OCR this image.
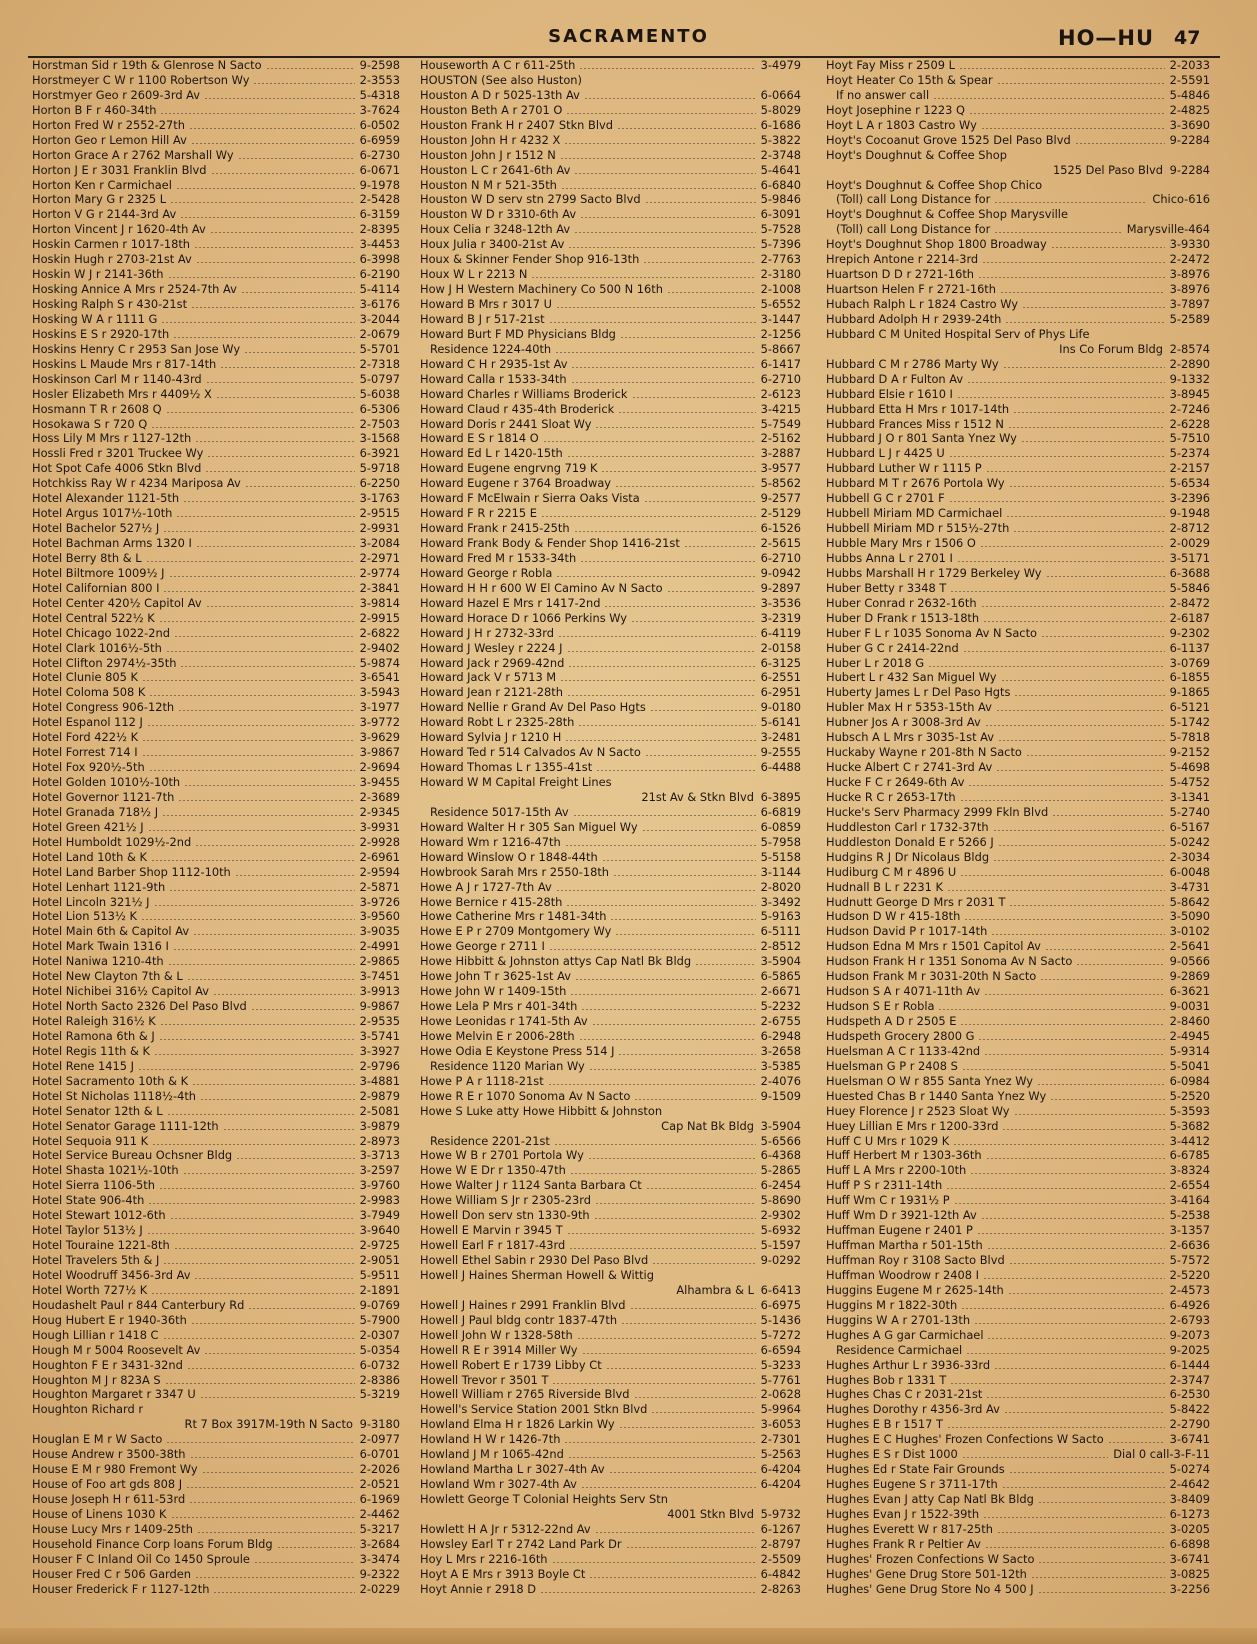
SACRAMENTO	HO—HU 47
Horstman Sid r 19th & Glenrose N Sacto	9-2598
Horstmeyer C W r 1100 Robertson Wy	2-3553
Horstmyer Geo r 2609-3rd Av	5-4318
Horton B F r 460-34th	3-7624
Horton Fred W r 2552-27th	6-0502
Horton Geo r Lemon Hill Av	6-6959
Horton Grace A r 2762 Marshall Wy	6-2730
Horton J E r 3031 Franklin Blvd	6-0671
Horton Ken r Carmichael	9-1978
Horton Mary G r 2325 L	2-5428
Horton V G r 2144-3rd Av	6-3159
Horton Vincent J r 1620-4th Av	2-8395
Hoskin Carmen r 1017-18th	3-4453
Hoskin Hugh r 2703-21st Av	6-3998
Hoskin W J r 2141-36th	6-2190
Hosking Annice A Mrs r 2524-7th Av	5-4114
Hosking Ralph S r 430-21st	3-6176
Hosking W A r 1111 G	3-2044
Hoskins E S r 2920-17th	2-0679
Hoskins Henry C r 2953 San Jose Wy	5-5701
Hoskins L Maude Mrs r 817-14th	2-7318
Hoskinson Carl M r 1140-43rd	5-0797
Hosler Elizabeth Mrs r 4409½ X	5-6038
Hosmann T R r 2608 Q	6-5306
Hosokawa S r 720 Q	2-7503
Hoss Lily M Mrs r 1127-12th	3-1568
Hossli Fred r 3201 Truckee Wy	6-3921
Hot Spot Cafe 4006 Stkn Blvd	5-9718
Hotchkiss Ray W r 4234 Mariposa Av	6-2250
Hotel Alexander 1121-5th	3-1763
Hotel Argus 1017½-10th	2-9515
Hotel Bachelor 527½ J	2-9931
Hotel Bachman Arms 1320 I	3-2084
Hotel Berry 8th & L	2-2971
Hotel Biltmore 1009½ J	2-9774
Hotel Californian 800 I	2-3841
Hotel Center 420½ Capitol Av	3-9814
Hotel Central 522½ K	2-9915
Hotel Chicago 1022-2nd	2-6822
Hotel Clark 1016½-5th	2-9402
Hotel Clifton 2974½-35th	5-9874
Hotel Clunie 805 K	3-6541
Hotel Coloma 508 K	3-5943
Hotel Congress 906-12th	3-1977
Hotel Espanol 112 J	3-9772
Hotel Ford 422½ K	3-9629
Hotel Forrest 714 I	3-9867
Hotel Fox 920½-5th	2-9694
Hotel Golden 1010½-10th	3-9455
Hotel Governor 1121-7th	2-3689
Hotel Granada 718½ J	2-9345
Hotel Green 421½ J	3-9931
Hotel Humboldt 1029½-2nd	2-9928
Hotel Land 10th & K	2-6961
Hotel Land Barber Shop 1112-10th	2-9594
Hotel Lenhart 1121-9th	2-5871
Hotel Lincoln 321½ J	3-9726
Hotel Lion 513½ K	3-9560
Hotel Main 6th & Capitol Av	3-9035
Hotel Mark Twain 1316 I	2-4991
Hotel Naniwa 1210-4th	2-9865
Hotel New Clayton 7th & L	3-7451
Hotel Nichibei 316½ Capitol Av	3-9913
Hotel North Sacto 2326 Del Paso Blvd	9-9867
Hotel Raleigh 316½ K	2-9535
Hotel Ramona 6th & J	3-5741
Hotel Regis 11th & K	3-3927
Hotel Rene 1415 J	2-9796
Hotel Sacramento 10th & K	3-4881
Hotel St Nicholas 1118½-4th	2-9879
Hotel Senator 12th & L	2-5081
Hotel Senator Garage 1111-12th	3-9879
Hotel Sequoia 911 K	2-8973
Hotel Service Bureau Ochsner Bldg	3-3713
Hotel Shasta 1021½-10th	3-2597
Hotel Sierra 1106-5th	3-9760
Hotel State 906-4th	2-9983
Hotel Stewart 1012-6th	3-7949
Hotel Taylor 513½ J	3-9640
Hotel Touraine 1221-8th	2-9725
Hotel Travelers 5th & J	2-9051
Hotel Woodruff 3456-3rd Av	5-9511
Hotel Worth 727½ K	2-1891
Houdashelt Paul r 844 Canterbury Rd	9-0769
Houg Hubert E r 1940-36th	5-7900
Hough Lillian r 1418 C	2-0307
Hough M r 5004 Roosevelt Av	5-0354
Houghton F E r 3431-32nd	6-0732
Houghton M J r 823A S	2-8386
Houghton Margaret r 3347 U	5-3219
Houghton Richard r
Rt 7 Box 3917M-19th N Sacto 9-3180
Houglan E M r W Sacto	2-0977
House Andrew r 3500-38th	6-0701
House E M r 980 Fremont Wy	2-2026
House of Foo art gds 808 J	2-0521
House Joseph H r 611-53rd	6-1969
House of Linens 1030 K	2-4462
House Lucy Mrs r 1409-25th	5-3217
Household Finance Corp loans Forum Bldg	3-2684
Houser F C Inland Oil Co 1450 Sproule	3-3474
Houser Fred C r 506 Garden	9-2322
Houser Frederick F r 1127-12th	2-0229
Houseworth A C r 611-25th	3-4979
HOUSTON (See also Huston)
Houston A D r 5025-13th Av	6-0664
Houston Beth A r 2701 O	5-8029
Houston Frank H r 2407 Stkn Blvd	6-1686
Houston John H r 4232 X	5-3822
Houston John J r 1512 N	2-3748
Houston L C r 2641-6th Av	5-4641
Houston N M r 521-35th	6-6840
Houston W D serv stn 2799 Sacto Blvd	5-9846
Houston W D r 3310-6th Av	6-3091
Houx Celia r 3248-12th Av	5-7528
Houx Julia r 3400-21st Av	5-7396
Houx & Skinner Fender Shop 916-13th	2-7763
Houx W L r 2213 N	2-3180
How J H Western Machinery Co 500 N 16th	2-1008
Howard B Mrs r 3017 U	5-6552
Howard B J r 517-21st	3-1447
Howard Burt F MD Physicians Bldg	2-1256
Residence 1224-40th	5-8667
Howard C H r 2935-1st Av	6-1417
Howard Calla r 1533-34th	6-2710
Howard Charles r Williams Broderick	2-6123
Howard Claud r 435-4th Broderick	3-4215
Howard Doris r 2441 Sloat Wy	5-7549
Howard E S r 1814 O	2-5162
Howard Ed L r 1420-15th	3-2887
Howard Eugene engrvng 719 K	3-9577
Howard Eugene r 3764 Broadway	5-8562
Howard F McElwain r Sierra Oaks Vista	9-2577
Howard F R r 2215 E	2-5129
Howard Frank r 2415-25th	6-1526
Howard Frank Body & Fender Shop 1416-21st	2-5615
Howard Fred M r 1533-34th	6-2710
Howard George r Robla	9-0942
Howard H H r 600 W El Camino Av N Sacto	9-2897
Howard Hazel E Mrs r 1417-2nd	3-3536
Howard Horace D r 1066 Perkins Wy	3-2319
Howard J H r 2732-33rd	6-4119
Howard J Wesley r 2224 J	2-0158
Howard Jack r 2969-42nd	6-3125
Howard Jack V r 5713 M	6-2551
Howard Jean r 2121-28th	6-2951
Howard Nellie r Grand Av Del Paso Hgts	9-0180
Howard Robt L r 2325-28th	5-6141
Howard Sylvia J r 1210 H	3-2481
Howard Ted r 514 Calvados Av N Sacto	9-2555
Howard Thomas L r 1355-41st	6-4488
Howard W M Capital Freight Lines
21st Av & Stkn Blvd 6-3895
Residence 5017-15th Av	6-6819
Howard Walter H r 305 San Miguel Wy	6-0859
Howard Wm r 1216-47th	5-7958
Howard Winslow O r 1848-44th	5-5158
Howbrook Sarah Mrs r 2550-18th	3-1144
Howe A J r 1727-7th Av	2-8020
Howe Bernice r 415-28th	3-3492
Howe Catherine Mrs r 1481-34th	5-9163
Howe E P r 2709 Montgomery Wy	6-5111
Howe George r 2711 I	2-8512
Howe Hibbitt & Johnston attys Cap Natl Bk Bldg	3-5904
Howe John T r 3625-1st Av	6-5865
Howe John W r 1409-15th	2-6671
Howe Lela P Mrs r 401-34th	5-2232
Howe Leonidas r 1741-5th Av	2-6755
Howe Melvin E r 2006-28th	6-2948
Howe Odia E Keystone Press 514 J	3-2658
Residence 1120 Marian Wy	3-5385
Howe P A r 1118-21st	2-4076
Howe R E r 1070 Sonoma Av N Sacto	9-1509
Howe S Luke atty Howe Hibbitt & Johnston
Cap Nat Bk Bldg 3-5904
Residence 2201-21st	5-6566
Howe W B r 2701 Portola Wy	6-4368
Howe W E Dr r 1350-47th	5-2865
Howe Walter J r 1124 Santa Barbara Ct	6-2454
Howe William S Jr r 2305-23rd	5-8690
Howell Don serv stn 1330-9th	2-9302
Howell E Marvin r 3945 T	5-6932
Howell Earl F r 1817-43rd	5-1597
Howell Ethel Sabin r 2930 Del Paso Blvd	9-0292
Howell J Haines Sherman Howell & Wittig
Alhambra & L 6-6413
Howell J Haines r 2991 Franklin Blvd	6-6975
Howell J Paul bldg contr 1837-47th	5-1436
Howell John W r 1328-58th	5-7272
Howell R E r 3914 Miller Wy	6-6594
Howell Robert E r 1739 Libby Ct	5-3233
Howell Trevor r 3501 T	5-7761
Howell William r 2765 Riverside Blvd	2-0628
Howell's Service Station 2001 Stkn Blvd	5-9964
Howland Elma H r 1826 Larkin Wy	3-6053
Howland H W r 1426-7th	2-7301
Howland J M r 1065-42nd	5-2563
Howland Martha L r 3027-4th Av	6-4204
Howland Wm r 3027-4th Av	6-4204
Howlett George T Colonial Heights Serv Stn
4001 Stkn Blvd 5-9732
Howlett H A Jr r 5312-22nd Av	6-1267
Howsley Earl T r 2742 Land Park Dr	2-8797
Hoy L Mrs r 2216-16th	2-5509
Hoyt A E Mrs r 3913 Boyle Ct	6-4842
Hoyt Annie r 2918 D	2-8263
Hoyt Fay Miss r 2509 L	2-2033
Hoyt Heater Co 15th & Spear	2-5591
If no answer call	5-4846
Hoyt Josephine r 1223 Q	2-4825
Hoyt L A r 1803 Castro Wy	3-3690
Hoyt's Cocoanut Grove 1525 Del Paso Blvd	9-2284
Hoyt's Doughnut & Coffee Shop
1525 Del Paso Blvd 9-2284
Hoyt's Doughnut & Coffee Shop Chico
(Toll) call Long Distance for	Chico-616
Hoyt's Doughnut & Coffee Shop Marysville
(Toll) call Long Distance for	Marysville-464
Hoyt's Doughnut Shop 1800 Broadway	3-9330
Hrepich Antone r 2214-3rd	2-2472
Huartson D D r 2721-16th	3-8976
Huartson Helen F r 2721-16th	3-8976
Hubach Ralph L r 1824 Castro Wy	3-7897
Hubbard Adolph H r 2939-24th	5-2589
Hubbard C M United Hospital Serv of Phys Life
Ins Co Forum Bldg 2-8574
Hubbard C M r 2786 Marty Wy	2-2890
Hubbard D A r Fulton Av	9-1332
Hubbard Elsie r 1610 I	3-8945
Hubbard Etta H Mrs r 1017-14th	2-7246
Hubbard Frances Miss r 1512 N	2-6228
Hubbard J O r 801 Santa Ynez Wy	5-7510
Hubbard L J r 4425 U	5-2374
Hubbard Luther W r 1115 P	2-2157
Hubbard M T r 2676 Portola Wy	5-6534
Hubbell G C r 2701 F	3-2396
Hubbell Miriam MD Carmichael	9-1948
Hubbell Miriam MD r 515½-27th	2-8712
Hubble Mary Mrs r 1506 O	2-0029
Hubbs Anna L r 2701 I	3-5171
Hubbs Marshall H r 1729 Berkeley Wy	6-3688
Huber Betty r 3348 T	5-5846
Huber Conrad r 2632-16th	2-8472
Huber D Frank r 1513-18th	2-6187
Huber F L r 1035 Sonoma Av N Sacto	9-2302
Huber G C r 2414-22nd	6-1137
Huber L r 2018 G	3-0769
Hubert L r 432 San Miguel Wy	6-1855
Huberty James L r Del Paso Hgts	9-1865
Hubler Max H r 5353-15th Av	6-5121
Hubner Jos A r 3008-3rd Av	5-1742
Hubsch A L Mrs r 3035-1st Av	5-7818
Huckaby Wayne r 201-8th N Sacto	9-2152
Hucke Albert C r 2741-3rd Av	5-4698
Hucke F C r 2649-6th Av	5-4752
Hucke R C r 2653-17th	3-1341
Hucke's Serv Pharmacy 2999 Fkln Blvd	5-2740
Huddleston Carl r 1732-37th	6-5167
Huddleston Donald E r 5266 J	5-0242
Hudgins R J Dr Nicolaus Bldg	2-3034
Hudiburg C M r 4896 U	6-0048
Hudnall B L r 2231 K	3-4731
Hudnutt George D Mrs r 2031 T	5-8642
Hudson D W r 415-18th	3-5090
Hudson David P r 1017-14th	3-0102
Hudson Edna M Mrs r 1501 Capitol Av	2-5641
Hudson Frank H r 1351 Sonoma Av N Sacto	9-0566
Hudson Frank M r 3031-20th N Sacto	9-2869
Hudson S A r 4071-11th Av	6-3621
Hudson S E r Robla	9-0031
Hudspeth A D r 2505 E	2-8460
Hudspeth Grocery 2800 G	2-4945
Huelsman A C r 1133-42nd	5-9314
Huelsman G P r 2408 S	5-5041
Huelsman O W r 855 Santa Ynez Wy	6-0984
Huested Chas B r 1440 Santa Ynez Wy	5-2520
Huey Florence J r 2523 Sloat Wy	5-3593
Huey Lillian E Mrs r 1200-33rd	5-3682
Huff C U Mrs r 1029 K	3-4412
Huff Herbert M r 1303-36th	6-6785
Huff L A Mrs r 2200-10th	3-8324
Huff P S r 2311-14th	2-6554
Huff Wm C r 1931½ P	3-4164
Huff Wm D r 3921-12th Av	5-2538
Huffman Eugene r 2401 P	3-1357
Huffman Martha r 501-15th	2-6636
Huffman Roy r 3108 Sacto Blvd	5-7572
Huffman Woodrow r 2408 I	2-5220
Huggins Eugene M r 2625-14th	2-4573
Huggins M r 1822-30th	6-4926
Huggins W A r 2701-13th	2-6793
Hughes A G gar Carmichael	9-2073
Residence Carmichael	9-2025
Hughes Arthur L r 3936-33rd	6-1444
Hughes Bob r 1331 T	2-3747
Hughes Chas C r 2031-21st	6-2530
Hughes Dorothy r 4356-3rd Av	5-8422
Hughes E B r 1517 T	2-2790
Hughes E C Hughes' Frozen Confections W Sacto	3-6741
Hughes E S r Dist 1000	Dial 0 call-3-F-11
Hughes Ed r State Fair Grounds	5-0274
Hughes Eugene S r 3711-17th	2-4642
Hughes Evan J atty Cap Natl Bk Bldg	3-8409
Hughes Evan J r 1522-39th	6-1273
Hughes Everett W r 817-25th	3-0205
Hughes Frank R r Peltier Av	6-6898
Hughes' Frozen Confections W Sacto	3-6741
Hughes' Gene Drug Store 501-12th	3-0825
Hughes' Gene Drug Store No 4 500 J	3-2256
